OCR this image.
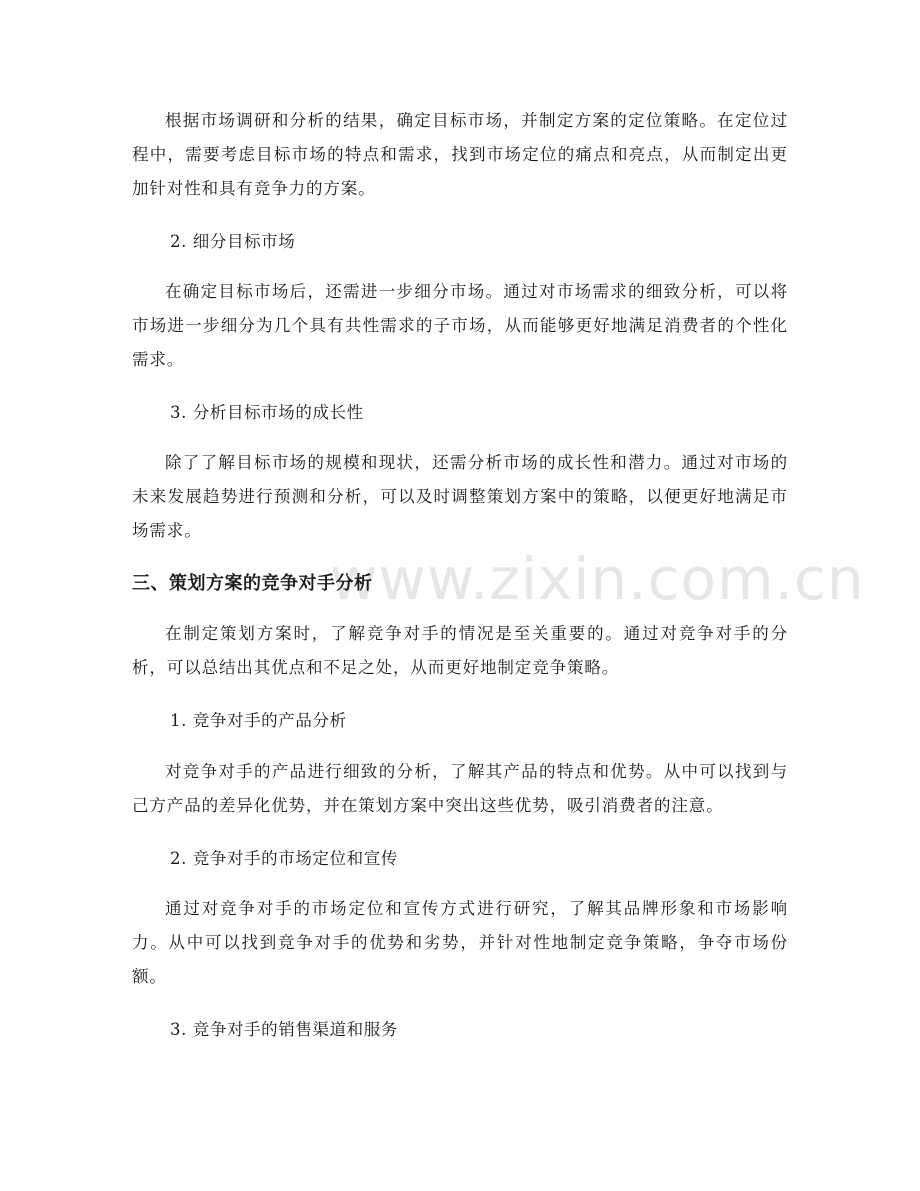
www.zixin.com.cn

根据市场调研和分析的结果，确定目标市场，并制定方案的定位策略。在定位过程中，需要考虑目标市场的特点和需求，找到市场定位的痛点和亮点，从而制定出更加针对性和具有竞争力的方案。

2. 细分目标市场

在确定目标市场后，还需进一步细分市场。通过对市场需求的细致分析，可以将市场进一步细分为几个具有共性需求的子市场，从而能够更好地满足消费者的个性化需求。

3. 分析目标市场的成长性

除了了解目标市场的规模和现状，还需分析市场的成长性和潜力。通过对市场的未来发展趋势进行预测和分析，可以及时调整策划方案中的策略，以便更好地满足市场需求。

三、策划方案的竞争对手分析

在制定策划方案时，了解竞争对手的情况是至关重要的。通过对竞争对手的分析，可以总结出其优点和不足之处，从而更好地制定竞争策略。

1. 竞争对手的产品分析

对竞争对手的产品进行细致的分析，了解其产品的特点和优势。从中可以找到与己方产品的差异化优势，并在策划方案中突出这些优势，吸引消费者的注意。

2. 竞争对手的市场定位和宣传

通过对竞争对手的市场定位和宣传方式进行研究，了解其品牌形象和市场影响力。从中可以找到竞争对手的优势和劣势，并针对性地制定竞争策略，争夺市场份额。

3. 竞争对手的销售渠道和服务
